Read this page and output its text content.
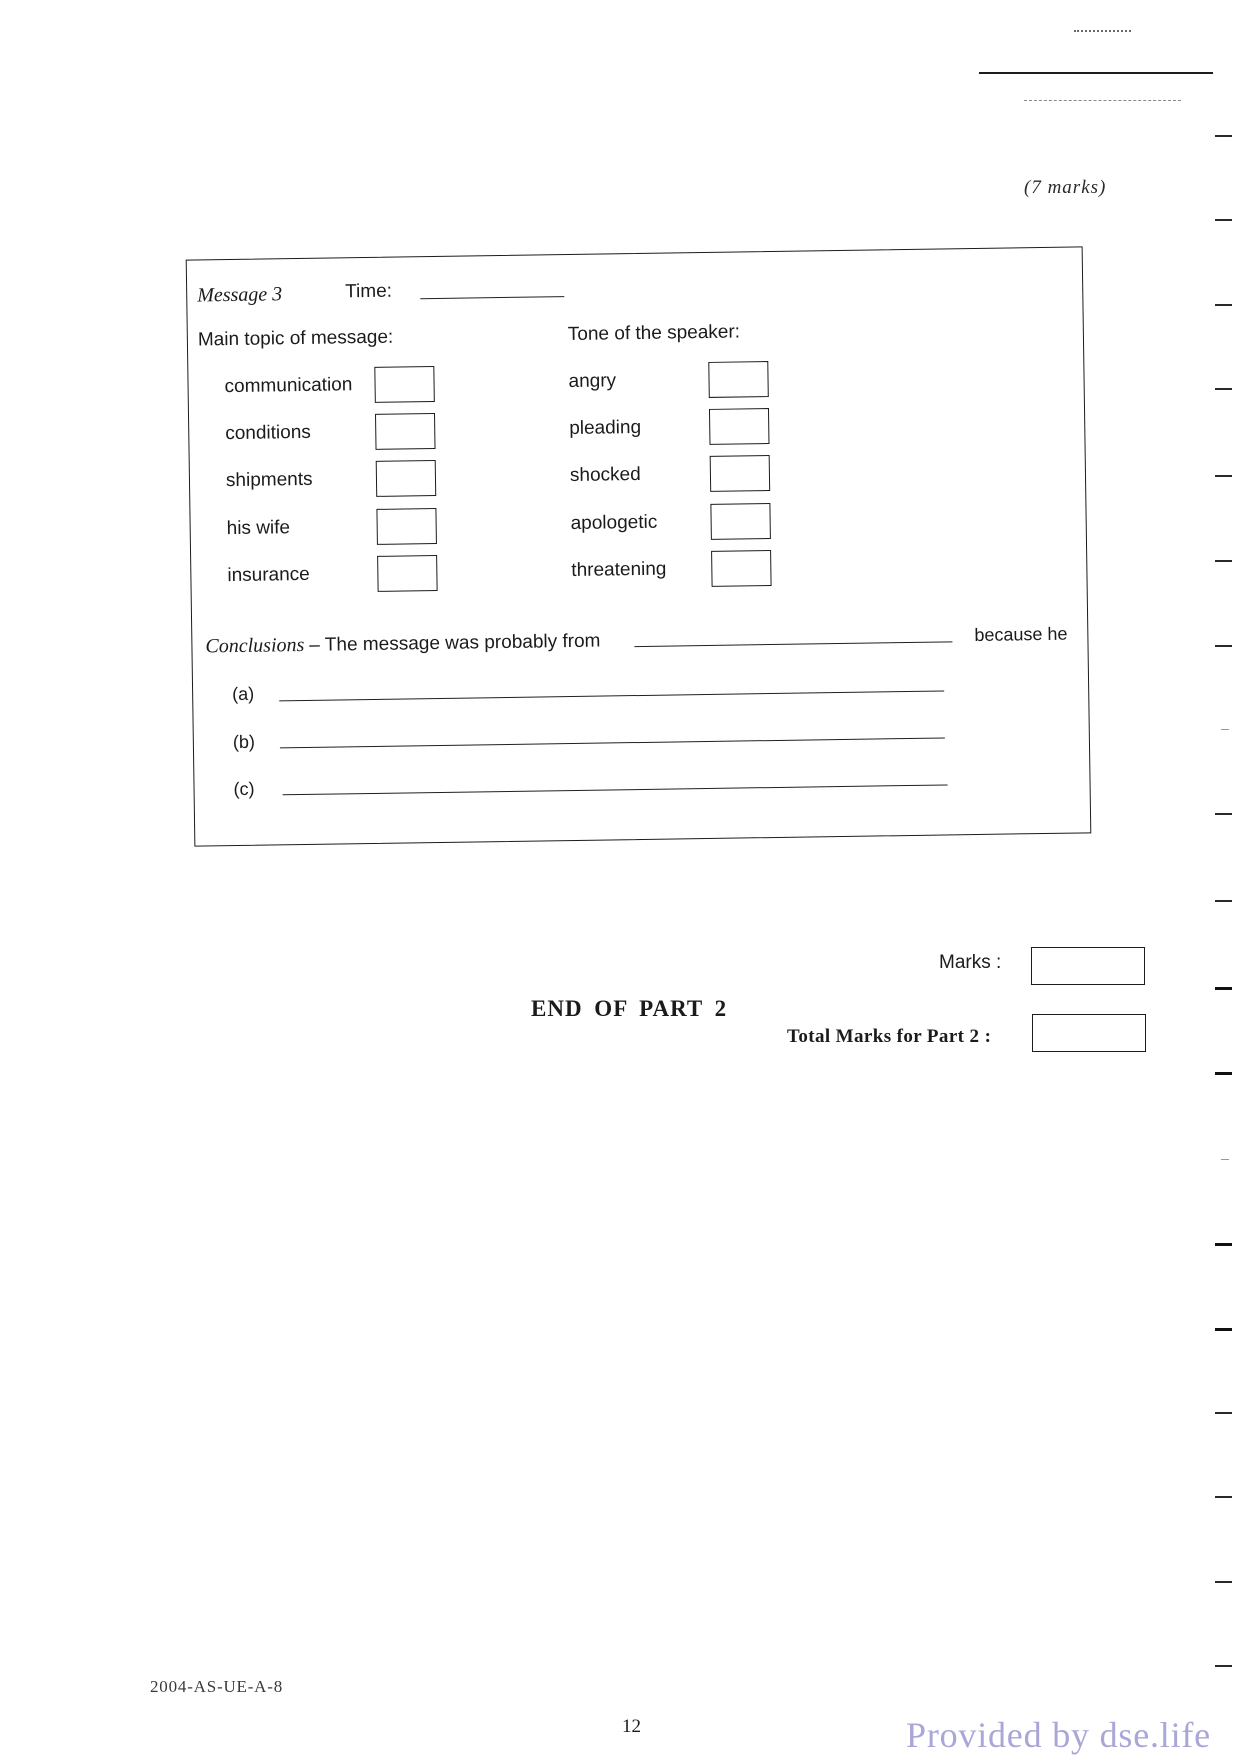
(7 marks)
Message 3	Time:
Main topic of message:	Tone of the speaker:
communication
conditions
shipments
his wife
insurance
angry
pleading
shocked
apologetic
threatening
Conclusions – The message was probably from	because he
(a)
(b)
(c)
Marks :
END OF PART 2
Total Marks for Part 2 :
2004-AS-UE-A-8
12	Provided by dse.life
